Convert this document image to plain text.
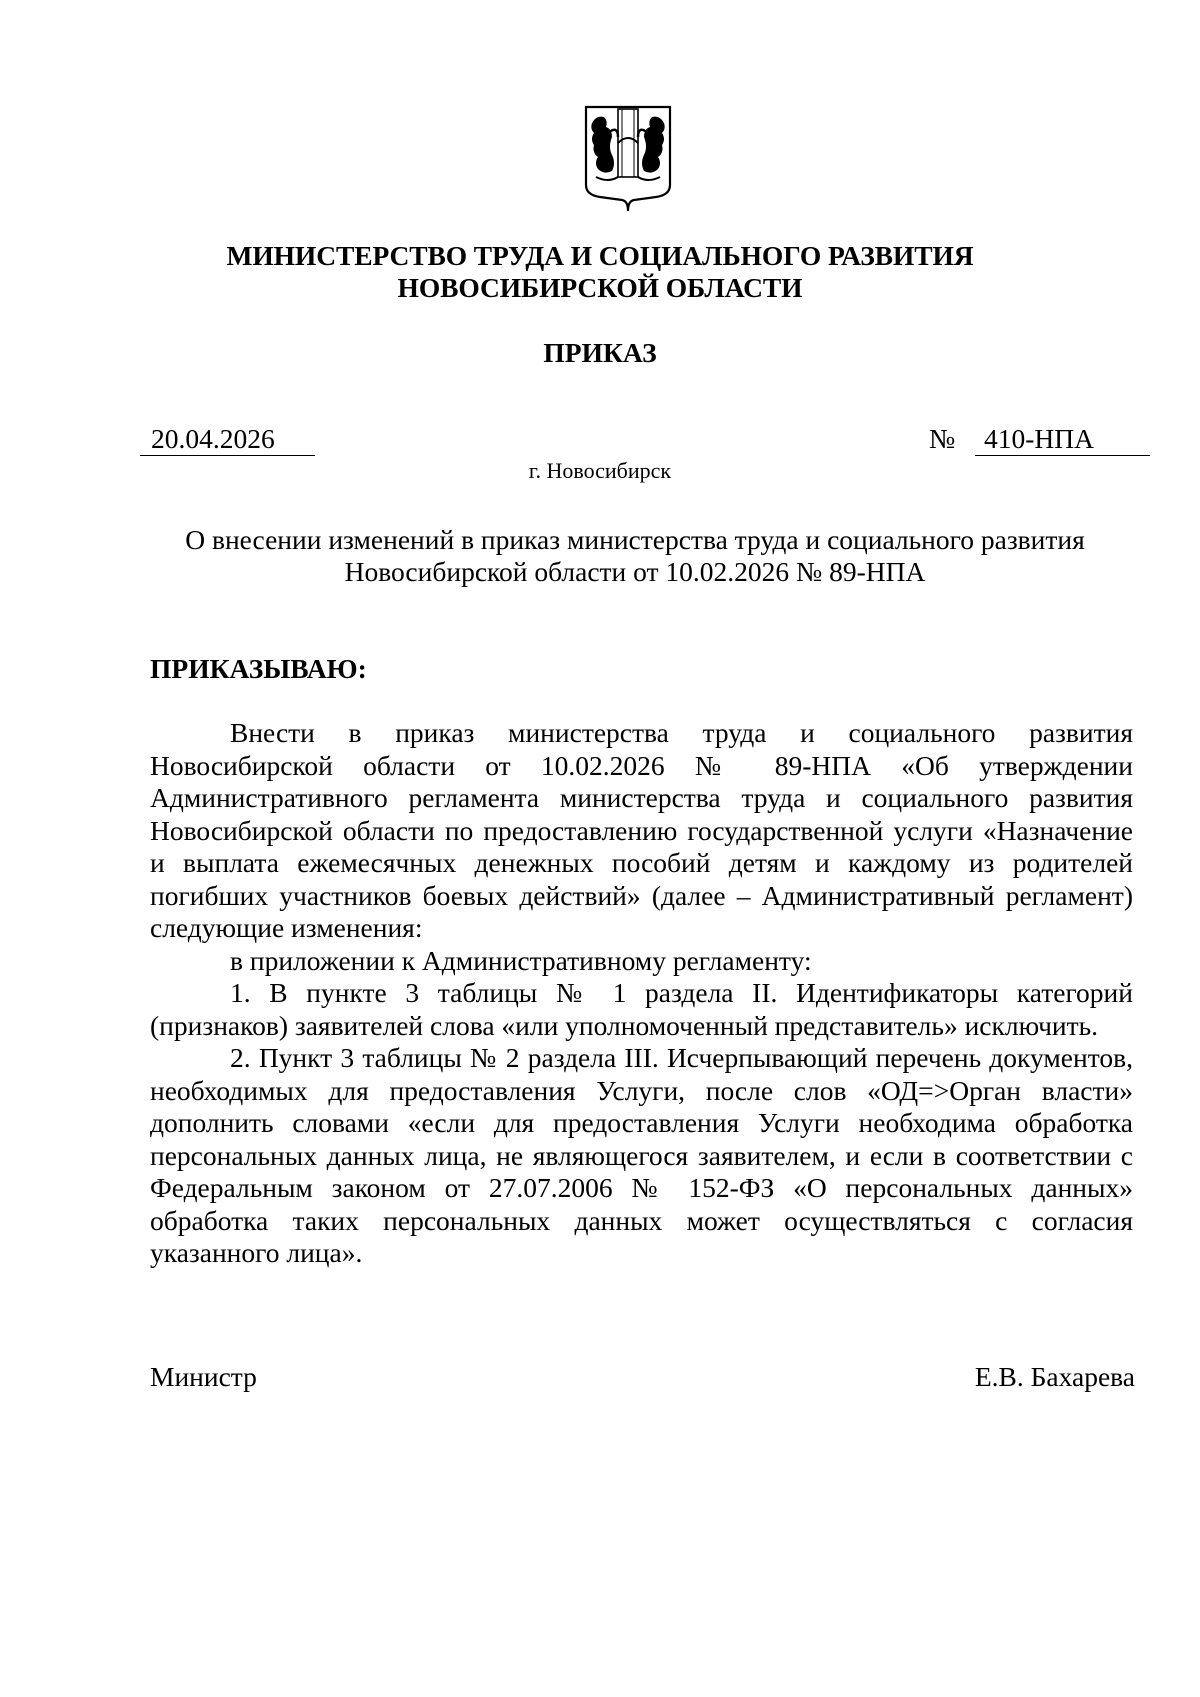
МИНИСТЕРСТВО ТРУДА И СОЦИАЛЬНОГО РАЗВИТИЯ
НОВОСИБИРСКОЙ ОБЛАСТИ
ПРИКАЗ
20.04.2026	№	410-НПА
г. Новосибирск
О внесении изменений в приказ министерства труда и социального развития
Новосибирской области от 10.02.2026 № 89-НПА
ПРИКАЗЫВАЮ:

Внести в приказ министерства труда и социального развития Новосибирской области от 10.02.2026 № 89-НПА «Об утверждении Административного регламента министерства труда и социального развития Новосибирской области по предоставлению государственной услуги «Назначение и выплата ежемесячных денежных пособий детям и каждому из родителей погибших участников боевых действий» (далее – Административный регламент) следующие изменения:

в приложении к Административному регламенту:

1. В пункте 3 таблицы № 1 раздела II. Идентификаторы категорий (признаков) заявителей слова «или уполномоченный представитель» исключить.

2. Пункт 3 таблицы № 2 раздела III. Исчерпывающий перечень документов, необходимых для предоставления Услуги, после слов «ОД=>Орган власти» дополнить словами «если для предоставления Услуги необходима обработка персональных данных лица, не являющегося заявителем, и если в соответствии с Федеральным законом от 27.07.2006 № 152-ФЗ «О персональных данных» обработка таких персональных данных может осуществляться с согласия указанного лица».

Министр	Е.В. Бахарева
